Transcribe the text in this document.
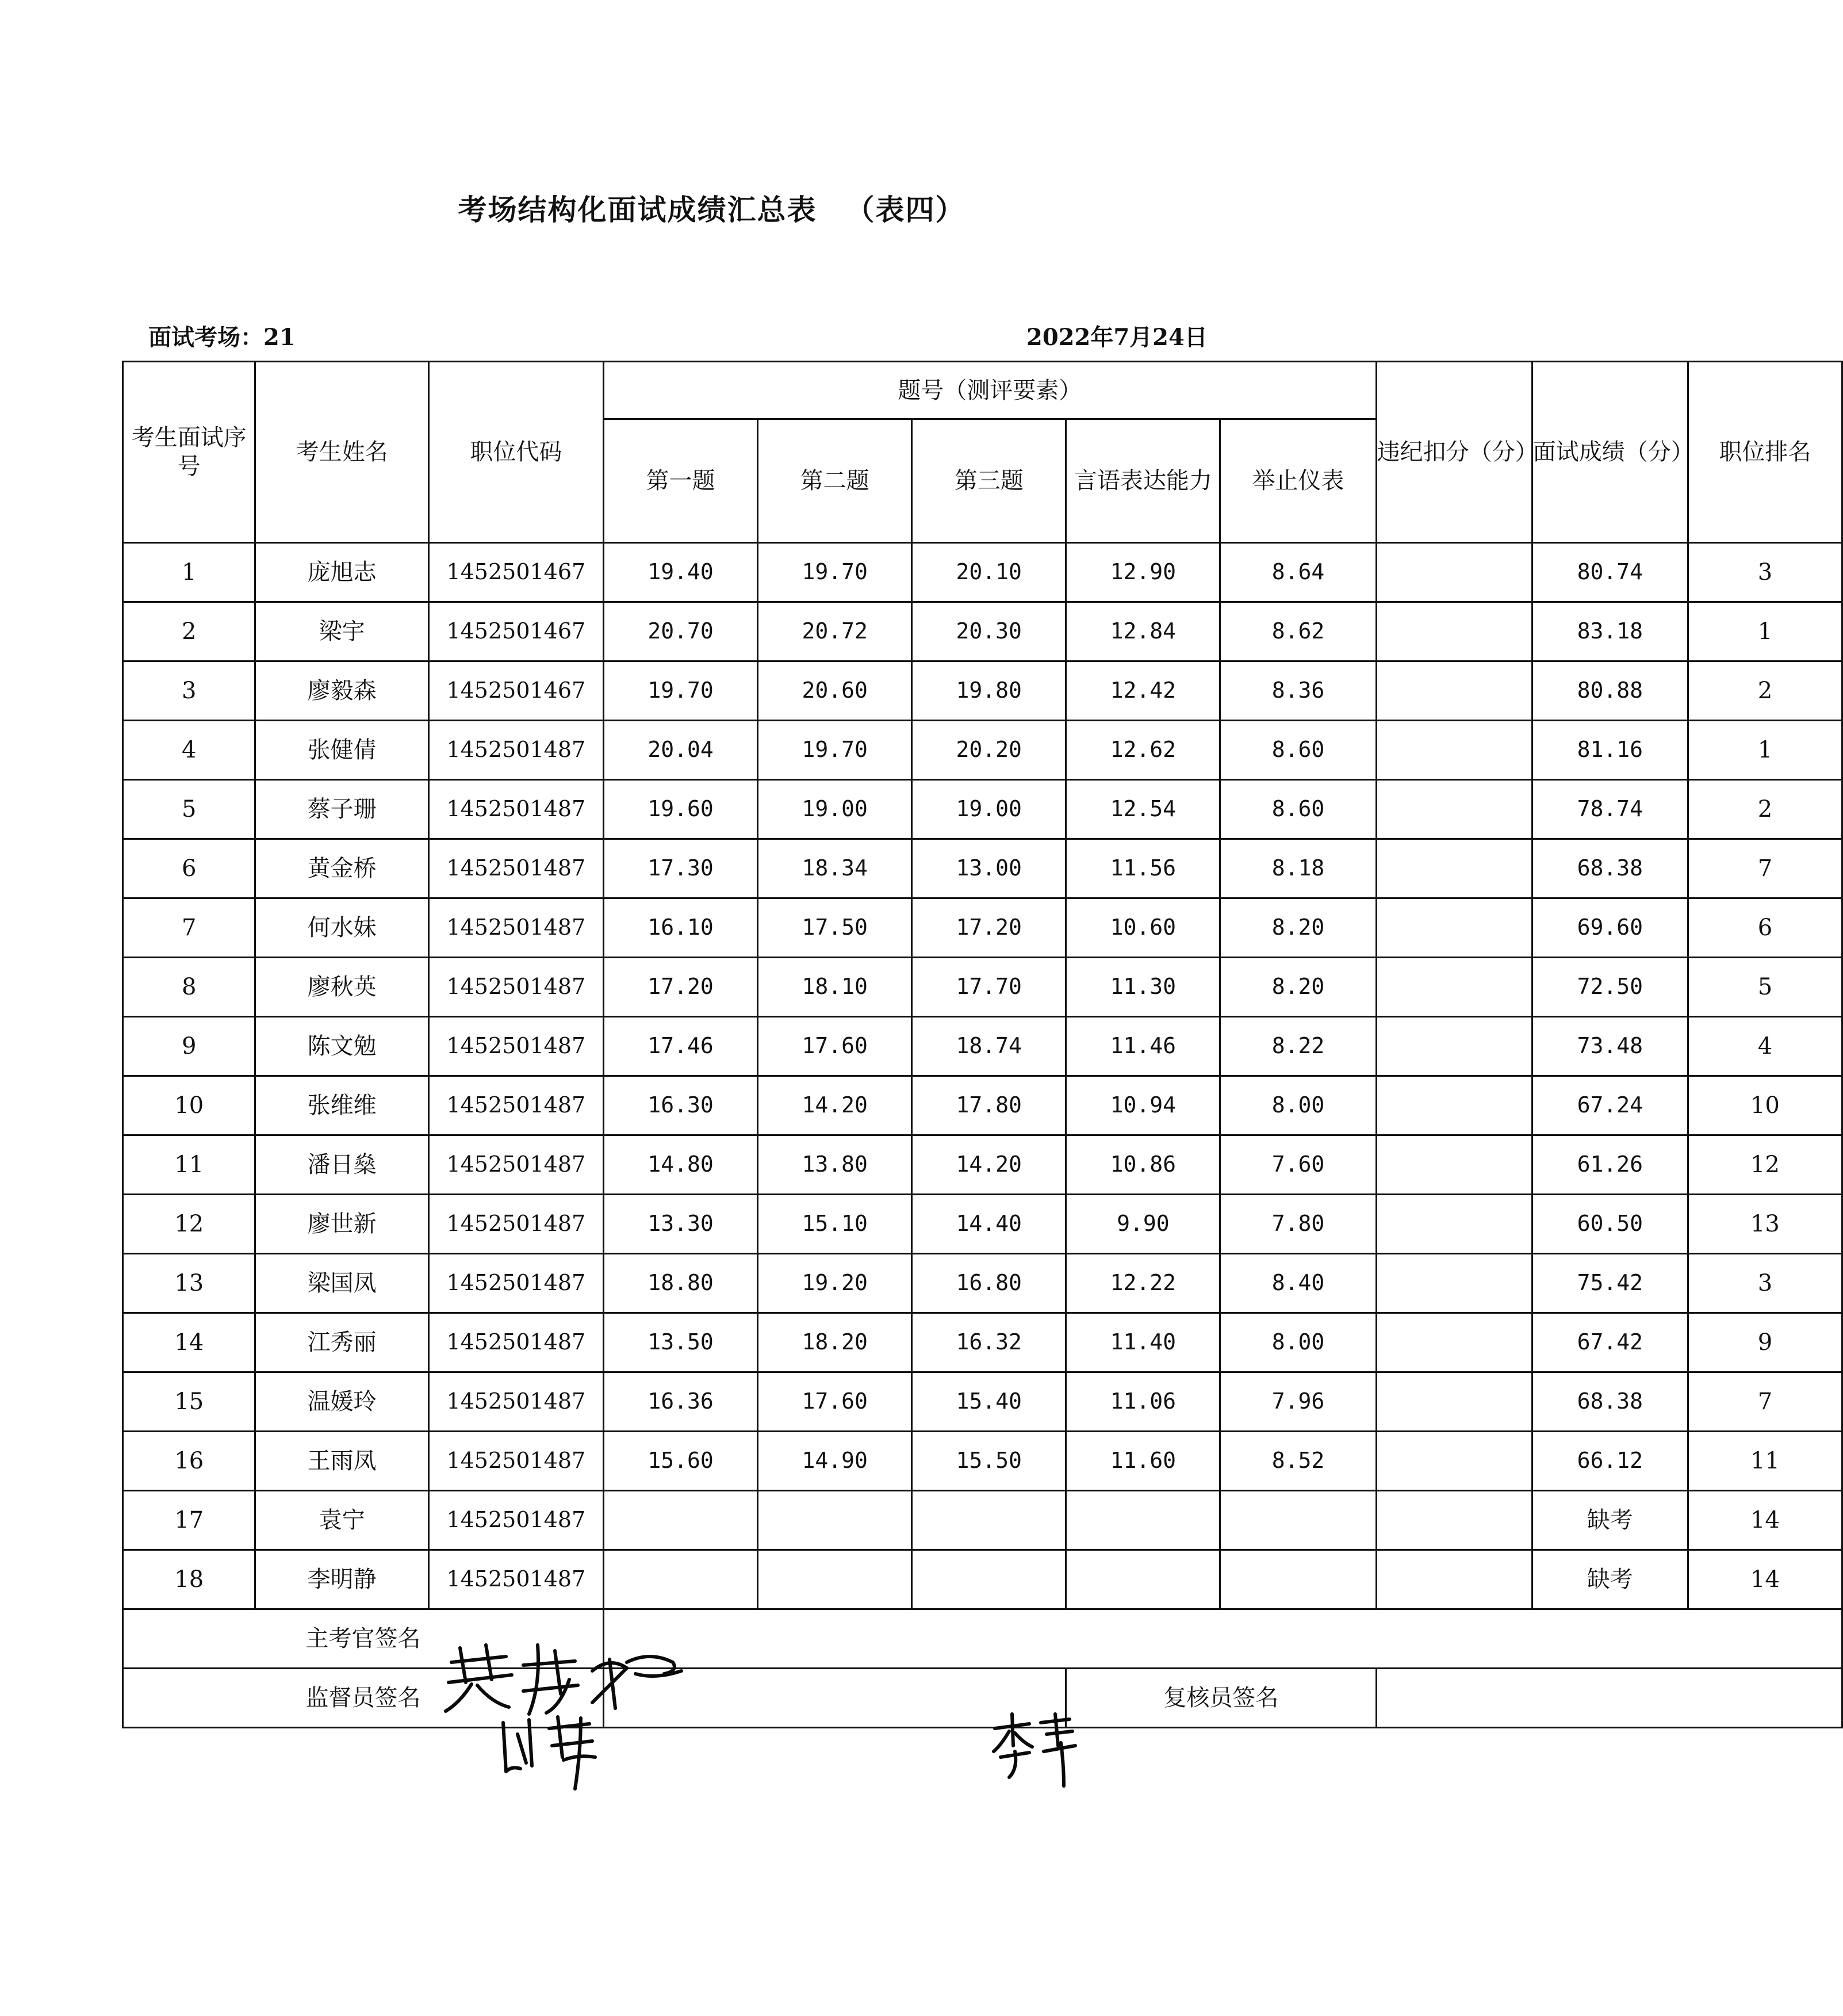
考场结构化面试成绩汇总表 （表四）
面试考场：21	2022年7月24日
考生面试序号	考生姓名	职位代码	题号（测评要素）					违纪扣分（分）	面试成绩（分）	职位排名
			第一题	第二题	第三题	言语表达能力	举止仪表			
1	庞旭志	1452501467	19.40	19.70	20.10	12.90	8.64		80.74	3
2	梁宇	1452501467	20.70	20.72	20.30	12.84	8.62		83.18	1
3	廖毅森	1452501467	19.70	20.60	19.80	12.42	8.36		80.88	2
4	张健倩	1452501487	20.04	19.70	20.20	12.62	8.60		81.16	1
5	蔡子珊	1452501487	19.60	19.00	19.00	12.54	8.60		78.74	2
6	黄金桥	1452501487	17.30	18.34	13.00	11.56	8.18		68.38	7
7	何水妹	1452501487	16.10	17.50	17.20	10.60	8.20		69.60	6
8	廖秋英	1452501487	17.20	18.10	17.70	11.30	8.20		72.50	5
9	陈文勉	1452501487	17.46	17.60	18.74	11.46	8.22		73.48	4
10	张维维	1452501487	16.30	14.20	17.80	10.94	8.00		67.24	10
11	潘日燊	1452501487	14.80	13.80	14.20	10.86	7.60		61.26	12
12	廖世新	1452501487	13.30	15.10	14.40	9.90	7.80		60.50	13
13	梁国凤	1452501487	18.80	19.20	16.80	12.22	8.40		75.42	3
14	江秀丽	1452501487	13.50	18.20	16.32	11.40	8.00		67.42	9
15	温媛玲	1452501487	16.36	17.60	15.40	11.06	7.96		68.38	7
16	王雨凤	1452501487	15.60	14.90	15.50	11.60	8.52		66.12	11
17	袁宁	1452501487							缺考	14
18	李明静	1452501487							缺考	14
主考官签名										
监督员签名						复核员签名				
